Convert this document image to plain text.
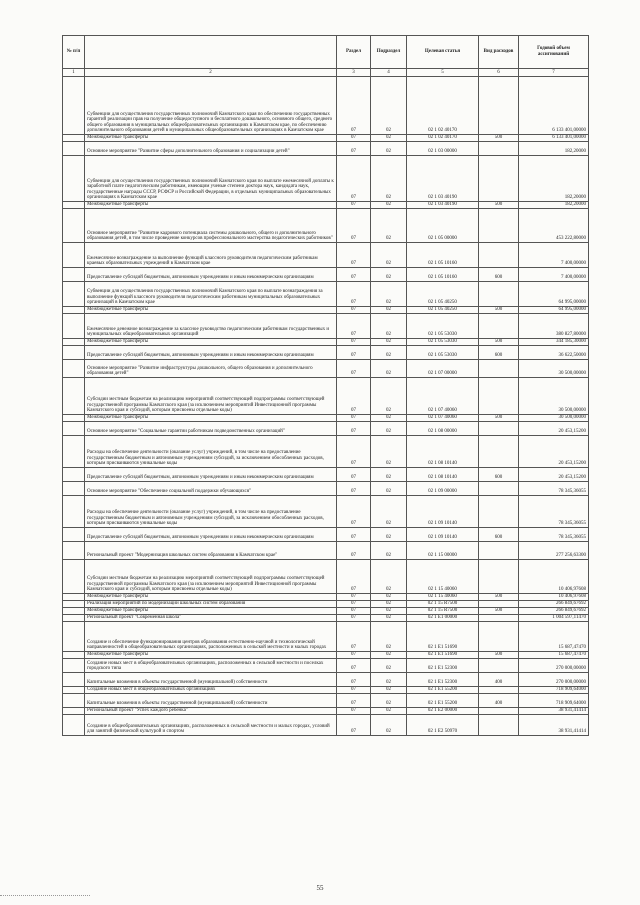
№ п/п		Раздел	Подраздел	Целевая статья	Вид расходов	Годовой объем ассигнований
1	2	3	4	5	6	7
	Субвенции для осуществления государственных полномочий Камчатского края по обеспечению государственных гарантий реализации прав на получение общедоступного и бесплатного дошкольного, основного общего, среднего общего образования в муниципальных общеобразовательных организациях в Камчатском крае, по обеспечению дополнительного образования детей в муниципальных общеобразовательных организациях в Камчатском крае	07	02	02 1 02 40170		6 133 401,00000
	Межбюджетные трансферты	07	02	02 1 02 40170	500	6 133 401,00000
	Основное мероприятие "Развитие сферы дополнительного образования и социализации детей"	07	02	02 1 03 00000		182,20000
	Субвенции для осуществления государственных полномочий Камчатского края по выплате ежемесячной доплаты к заработной плате педагогическим работникам, имеющим ученые степени доктора наук, кандидата наук, государственные награды СССР, РСФСР и Российской Федерации, в отдельных муниципальных образовательных организациях в Камчатском крае	07	02	02 1 03 40190		182,20000
	Межбюджетные трансферты	07	02	02 1 03 40190	500	182,20000
	Основное мероприятие "Развитие кадрового потенциала системы дошкольного, общего и дополнительного образования детей, в том числе проведение конкурсов профессионального мастерства педагогических работников"	07	02	02 1 05 00000		453 222,80000
	Ежемесячное вознаграждение за выполнение функций классного руководителя педагогическим работникам краевых образовательных учреждений в Камчатском крае	07	02	02 1 05 10160		7 400,00000
	Предоставление субсидий бюджетным, автономным учреждениям и иным некоммерческим организациям	07	02	02 1 05 10160	600	7 400,00000
	Субвенции для осуществления государственных полномочий Камчатского края по выплате вознаграждения за выполнение функций классного руководителя педагогическим работникам муниципальных образовательных организаций в Камчатском крае	07	02	02 1 05 40250		64 995,00000
	Межбюджетные трансферты	07	02	02 1 05 40250	500	64 995,00000
	Ежемесячное денежное вознаграждение за классное руководство педагогическим работникам государственных и муниципальных общеобразовательных организаций	07	02	02 1 05 53030		380 827,80000
	Межбюджетные трансферты	07	02	02 1 05 53030	500	344 185,30000
	Предоставление субсидий бюджетным, автономным учреждениям и иным некоммерческим организациям	07	02	02 1 05 53030	600	36 622,50000
	Основное мероприятие "Развитие инфраструктуры дошкольного, общего образования и дополнительного образования детей"	07	02	02 1 07 00000		30 500,00000
	Субсидии местным бюджетам на реализацию мероприятий соответствующей подпрограммы соответствующей государственной программы Камчатского края (за исключением мероприятий Инвестиционной программы Камчатского края и субсидий, которым присвоены отдельные коды)	07	02	02 1 07 40060		30 500,00000
	Межбюджетные трансферты	07	02	02 1 07 40060	500	30 500,00000
	Основное мероприятие "Социальные гарантии работникам подведомственных организаций"	07	02	02 1 08 00000		20 453,15200
	Расходы на обеспечение деятельности (оказание услуг) учреждений, в том числе на предоставление государственным бюджетным и автономным учреждениям субсидий, за исключением обособленных расходов, которым присваиваются уникальные коды	07	02	02 1 08 10140		20 453,15200
	Предоставление субсидий бюджетным, автономным учреждениям и иным некоммерческим организациям	07	02	02 1 08 10140	600	20 453,15200
	Основное мероприятие "Обеспечение социальной поддержки обучающихся"	07	02	02 1 09 00000		78 345,36055
	Расходы на обеспечение деятельности (оказание услуг) учреждений, в том числе на предоставление государственным бюджетным и автономным учреждениям субсидий, за исключением обособленных расходов, которым присваиваются уникальные коды	07	02	02 1 09 10140		78 345,36055
	Предоставление субсидий бюджетным, автономным учреждениям и иным некоммерческим организациям	07	02	02 1 09 10140	600	78 345,36055
	Региональный проект "Модернизация школьных систем образования в Камчатском крае"	07	02	02 1 15 00000		277 256,63300
	Субсидии местным бюджетам на реализацию мероприятий соответствующей подпрограммы соответствующей государственной программы Камчатского края (за исключением мероприятий Инвестиционной программы Камчатского края и субсидий, которым присвоены отдельные коды)	07	02	02 1 15 40060		10 406,97608
	Межбюджетные трансферты	07	02	02 1 15 40060	500	10 406,97608
	Реализация мероприятий по модернизации школьных систем образования	07	02	02 1 15 R7500		266 849,67692
	Межбюджетные трансферты	07	02	02 1 15 R7500	500	266 849,67692
	Региональный проект "Современная школа"	07	02	02 1 E1 00000		1 004 597,11470
	Создание и обеспечение функционирования центров образования естественно-научной и технологической направленностей в общеобразовательных организациях, расположенных в сельской местности и малых городах	07	02	02 1 E1 51690		15 687,47470
	Межбюджетные трансферты	07	02	02 1 E1 51690	500	15 687,47470
	Создание новых мест в общеобразовательных организациях, расположенных в сельской местности и поселках городского типа	07	02	02 1 E1 52300		270 000,00000
	Капитальные вложения в объекты государственной (муниципальной) собственности	07	02	02 1 E1 52300	400	270 000,00000
	Создание новых мест в общеобразовательных организациях	07	02	02 1 E1 55200		718 909,64000
	Капитальные вложения в объекты государственной (муниципальной) собственности	07	02	02 1 E1 55200	400	718 909,64000
	Региональный проект "Успех каждого ребенка"	07	02	02 1 E2 00000		38 931,41414
	Создание в общеобразовательных организациях, расположенных в сельской местности и малых городах, условий для занятий физической культурой и спортом	07	02	02 1 E2 50970		38 931,41414
55
